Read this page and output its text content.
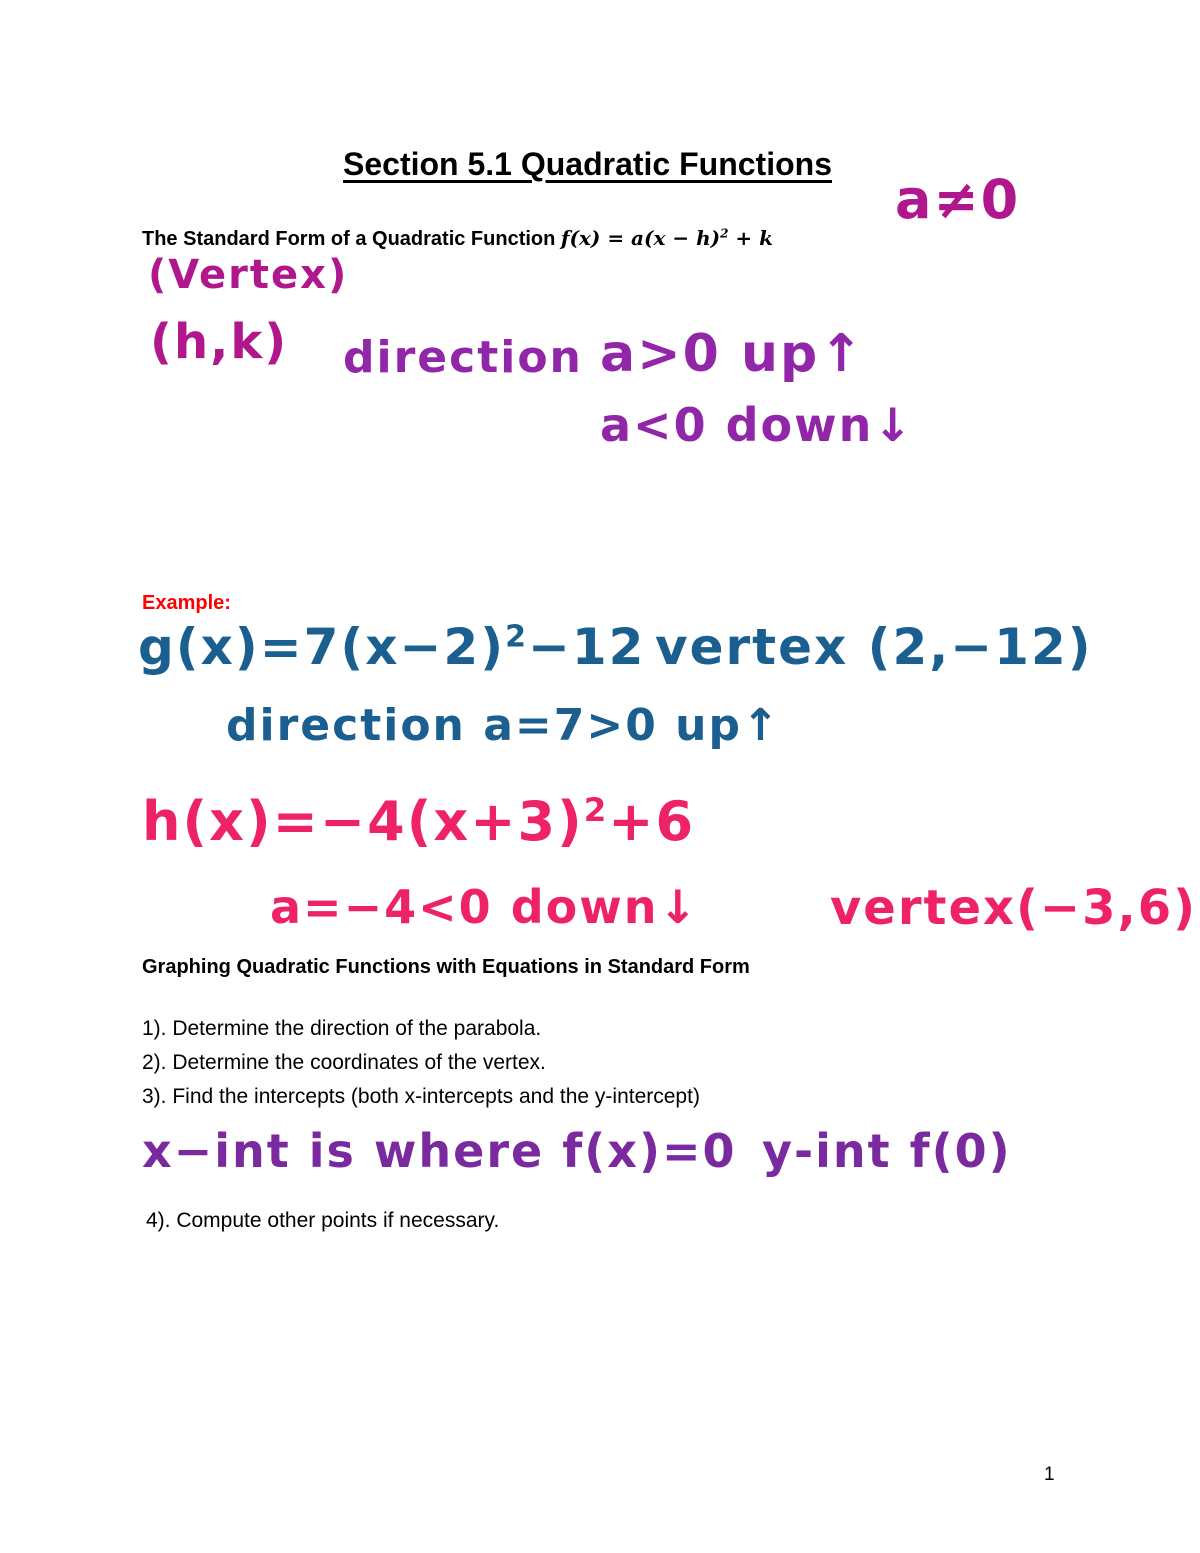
Section 5.1 Quadratic Functions
The Standard Form of a Quadratic Function $f(x) = a(x - h)^2 + k$
a≠0
(Vertex)
(h,k) direction a>0 up↑
a<0 down↓
Example:
$g(x)=7(x-2)^2-12$ vertex (2,−12)
direction a=7>0 up↑
$h(x)=-4(x+3)^2+6$
a=−4<0 down↓	vertex(−3,6)
Graphing Quadratic Functions with Equations in Standard Form
1). Determine the direction of the parabola.
2). Determine the coordinates of the vertex.
3). Find the intercepts (both x-intercepts and the y-intercept)
x−int is where f(x)=0 y-int f(0)
4). Compute other points if necessary.
1
